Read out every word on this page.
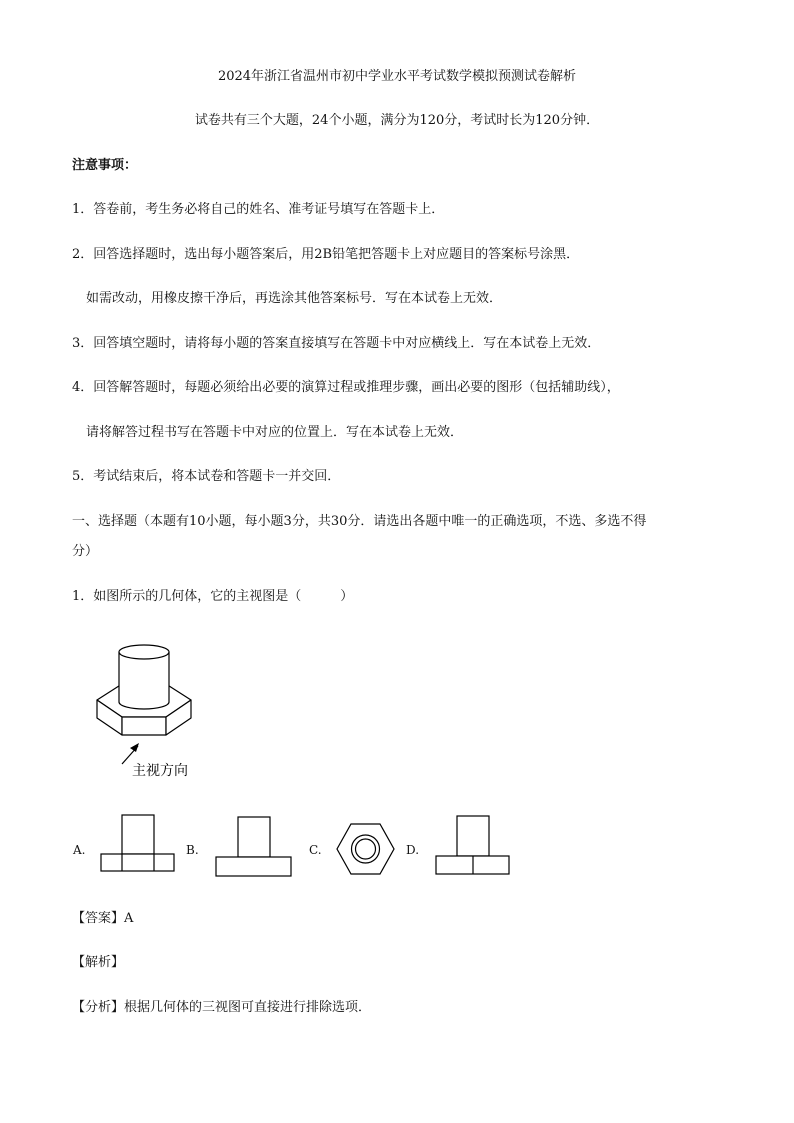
2024年浙江省温州市初中学业水平考试数学模拟预测试卷解析
试卷共有三个大题，24个小题，满分为120分，考试时长为120分钟．
注意事项：
1．答卷前，考生务必将自己的姓名、准考证号填写在答题卡上．
2．回答选择题时，选出每小题答案后，用2B铅笔把答题卡上对应题目的答案标号涂黑．
如需改动，用橡皮擦干净后，再选涂其他答案标号．写在本试卷上无效．
3．回答填空题时，请将每小题的答案直接填写在答题卡中对应横线上．写在本试卷上无效．
4．回答解答题时，每题必须给出必要的演算过程或推理步骤，画出必要的图形（包括辅助线），
请将解答过程书写在答题卡中对应的位置上．写在本试卷上无效．
5．考试结束后，将本试卷和答题卡一并交回．
一、选择题（本题有10小题，每小题3分，共30分．请选出各题中唯一的正确选项，不选、多选不得
分）
1．如图所示的几何体，它的主视图是（　　　）
主视方向
A.	B.	C.	D.
【答案】A
【解析】
【分析】根据几何体的三视图可直接进行排除选项．
